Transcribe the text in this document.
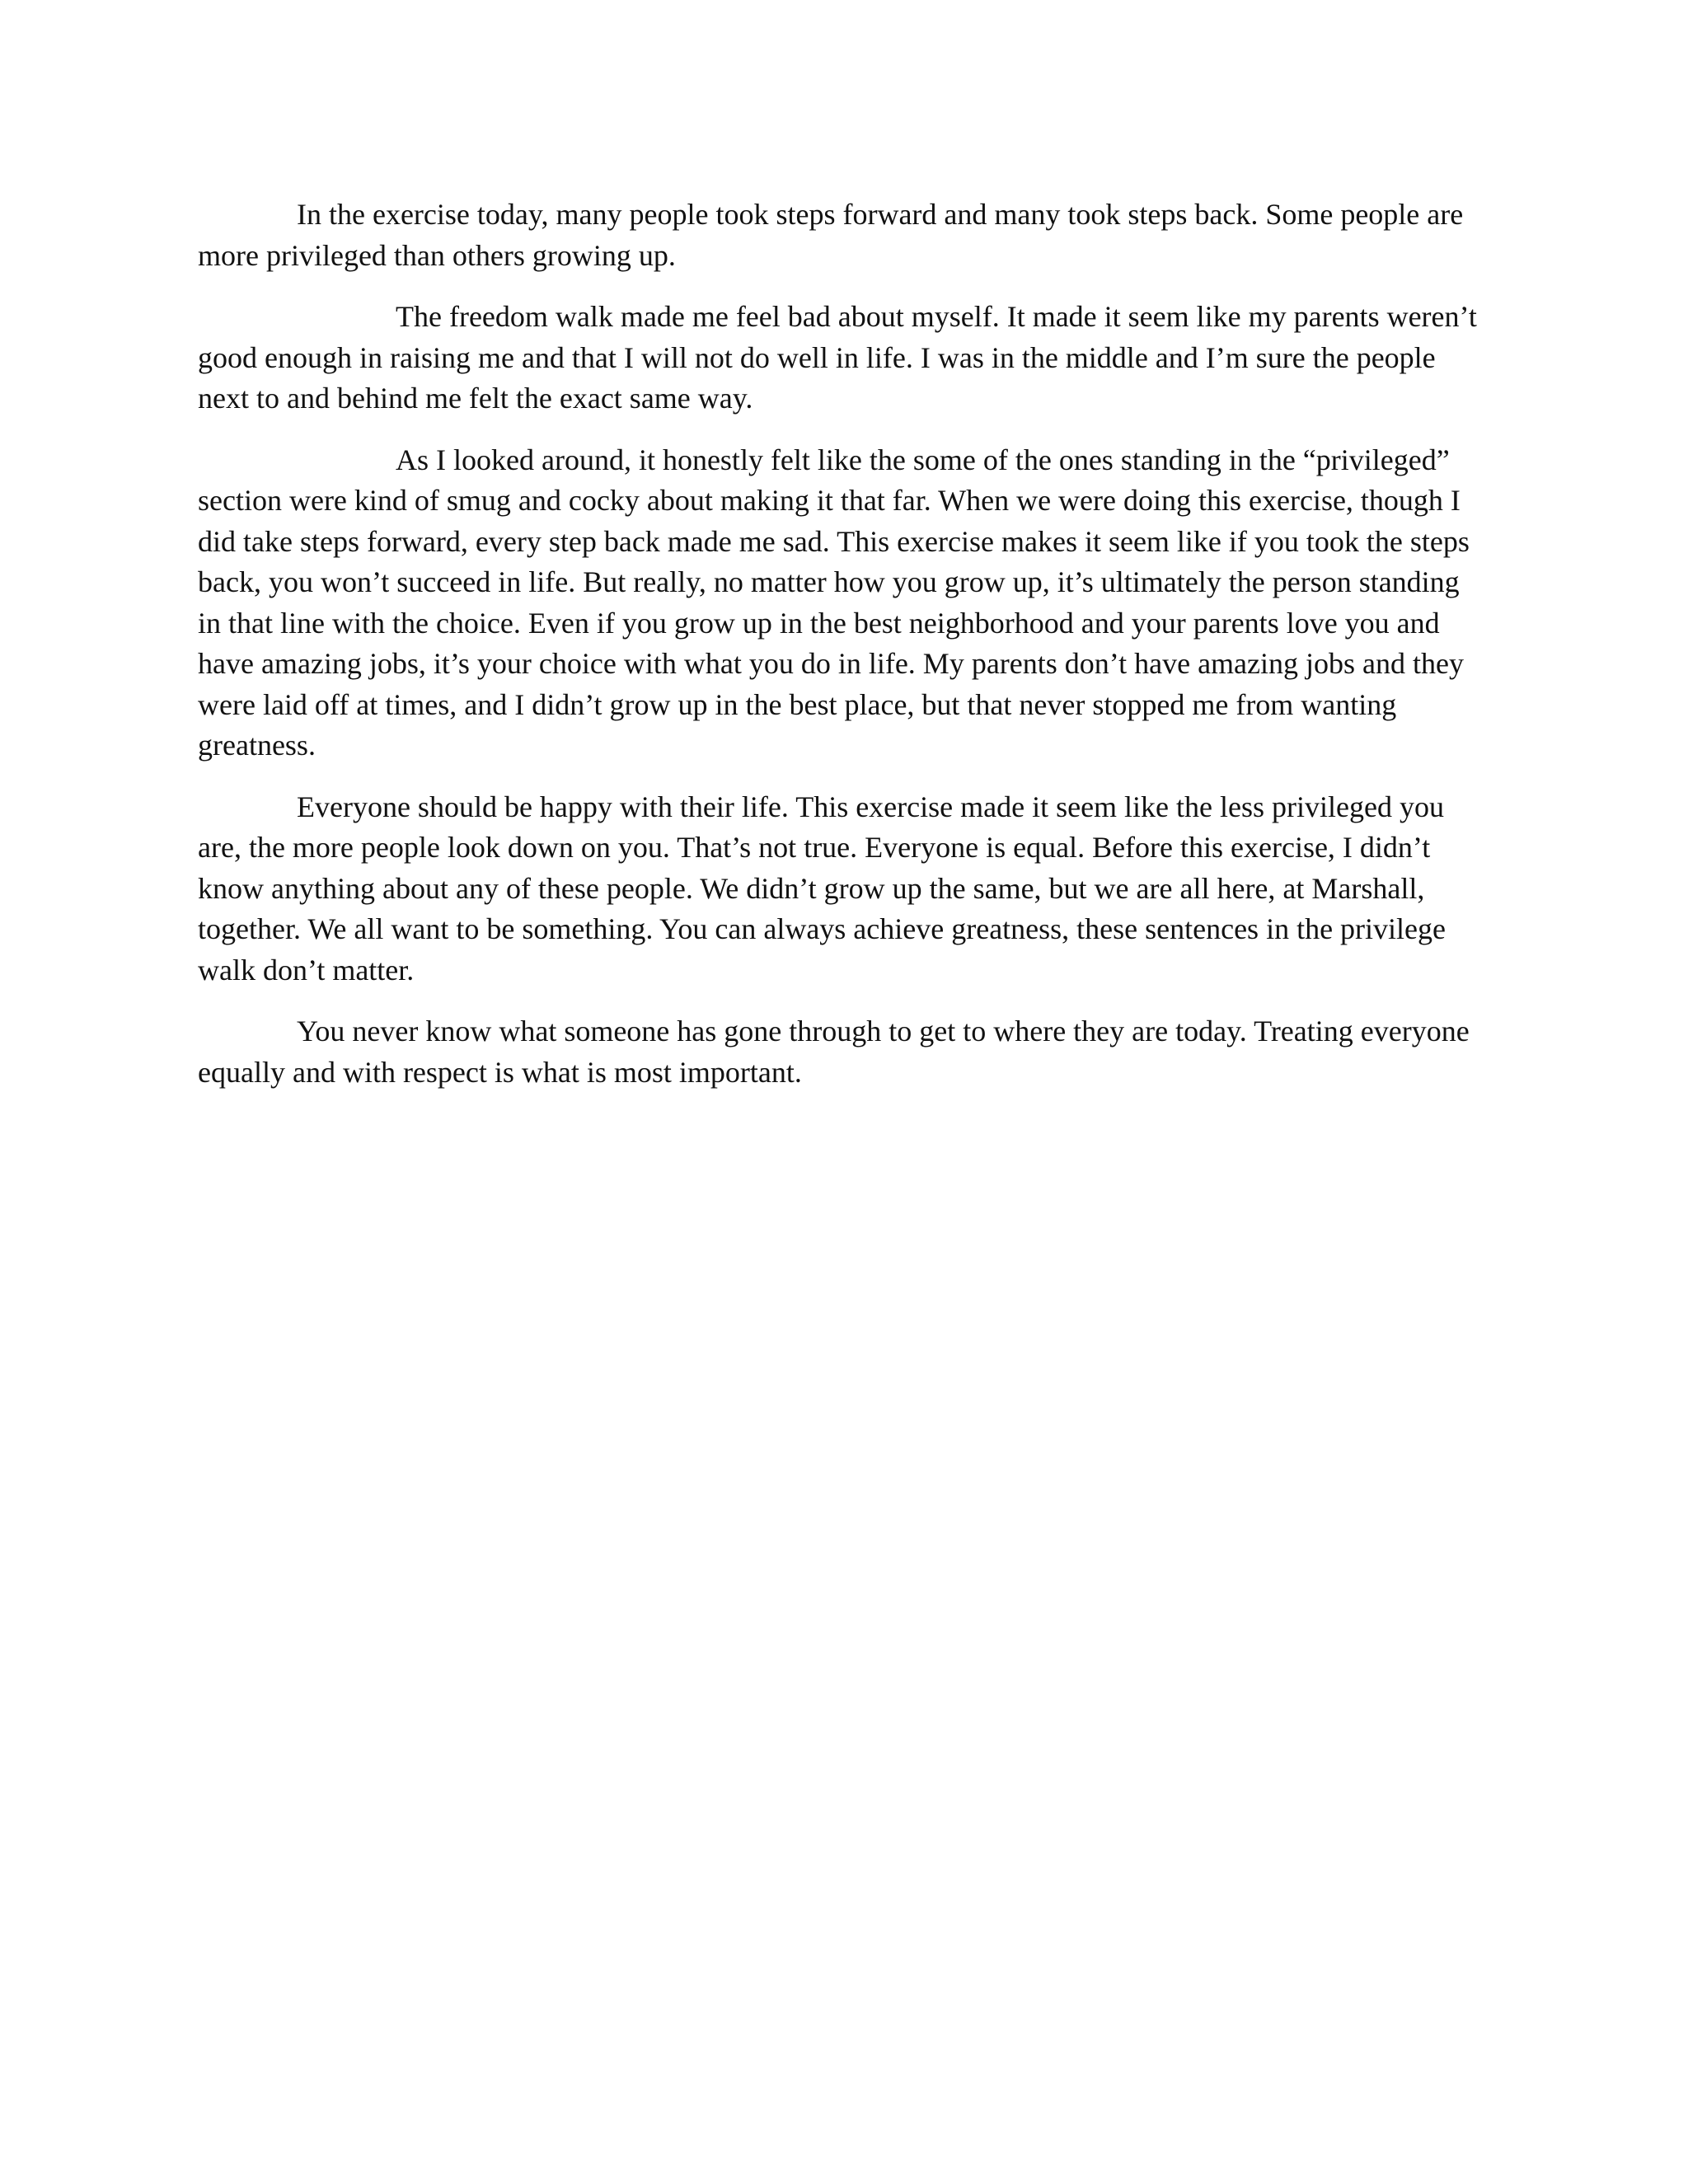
In the exercise today, many people took steps forward and many took steps back. Some people are more privileged than others growing up.

The freedom walk made me feel bad about myself. It made it seem like my parents weren’t good enough in raising me and that I will not do well in life. I was in the middle and I’m sure the people next to and behind me felt the exact same way.

As I looked around, it honestly felt like the some of the ones standing in the “privileged” section were kind of smug and cocky about making it that far. When we were doing this exercise, though I did take steps forward, every step back made me sad. This exercise makes it seem like if you took the steps back, you won’t succeed in life. But really, no matter how you grow up, it’s ultimately the person standing in that line with the choice. Even if you grow up in the best neighborhood and your parents love you and have amazing jobs, it’s your choice with what you do in life. My parents don’t have amazing jobs and they were laid off at times, and I didn’t grow up in the best place, but that never stopped me from wanting greatness.

Everyone should be happy with their life. This exercise made it seem like the less privileged you are, the more people look down on you. That’s not true. Everyone is equal. Before this exercise, I didn’t know anything about any of these people. We didn’t grow up the same, but we are all here, at Marshall, together. We all want to be something. You can always achieve greatness, these sentences in the privilege walk don’t matter.

You never know what someone has gone through to get to where they are today. Treating everyone equally and with respect is what is most important.
